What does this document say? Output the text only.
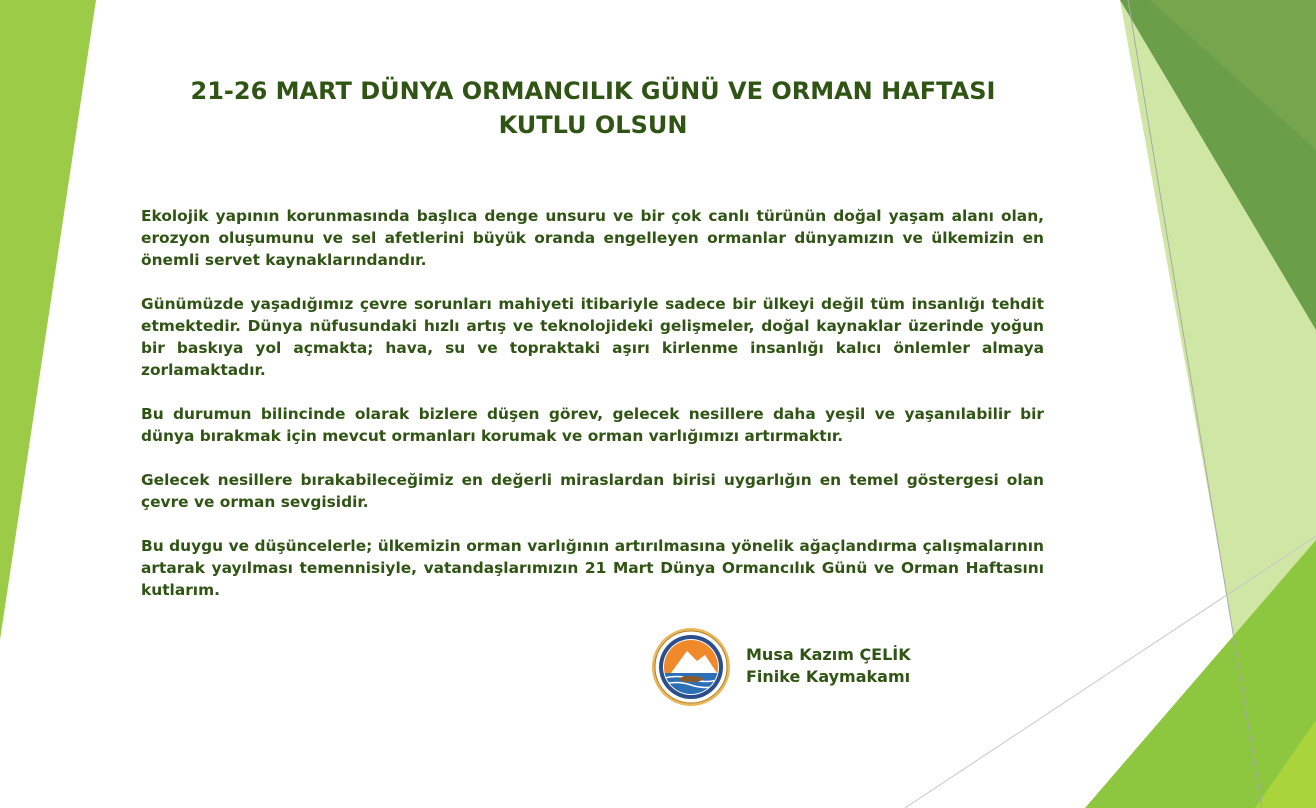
21-26 MART DÜNYA ORMANCILIK GÜNÜ VE ORMAN HAFTASI
KUTLU OLSUN

Ekolojik yapının korunmasında başlıca denge unsuru ve bir çok canlı türünün doğal yaşam alanı olan, erozyon oluşumunu ve sel afetlerini büyük oranda engelleyen ormanlar dünyamızın ve ülkemizin en önemli servet kaynaklarındandır.

Günümüzde yaşadığımız çevre sorunları mahiyeti itibariyle sadece bir ülkeyi değil tüm insanlığı tehdit etmektedir. Dünya nüfusundaki hızlı artış ve teknolojideki gelişmeler, doğal kaynaklar üzerinde yoğun bir baskıya yol açmakta; hava, su ve topraktaki aşırı kirlenme insanlığı kalıcı önlemler almaya zorlamaktadır.

Bu durumun bilincinde olarak bizlere düşen görev, gelecek nesillere daha yeşil ve yaşanılabilir bir dünya bırakmak için mevcut ormanları korumak ve orman varlığımızı artırmaktır.

Gelecek nesillere bırakabileceğimiz en değerli miraslardan birisi uygarlığın en temel göstergesi olan çevre ve orman sevgisidir.

Bu duygu ve düşüncelerle; ülkemizin orman varlığının artırılmasına yönelik ağaçlandırma çalışmalarının artarak yayılması temennisiyle, vatandaşlarımızın 21 Mart Dünya Ormancılık Günü ve Orman Haftasını kutlarım.

Musa Kazım ÇELİK
Finike Kaymakamı
